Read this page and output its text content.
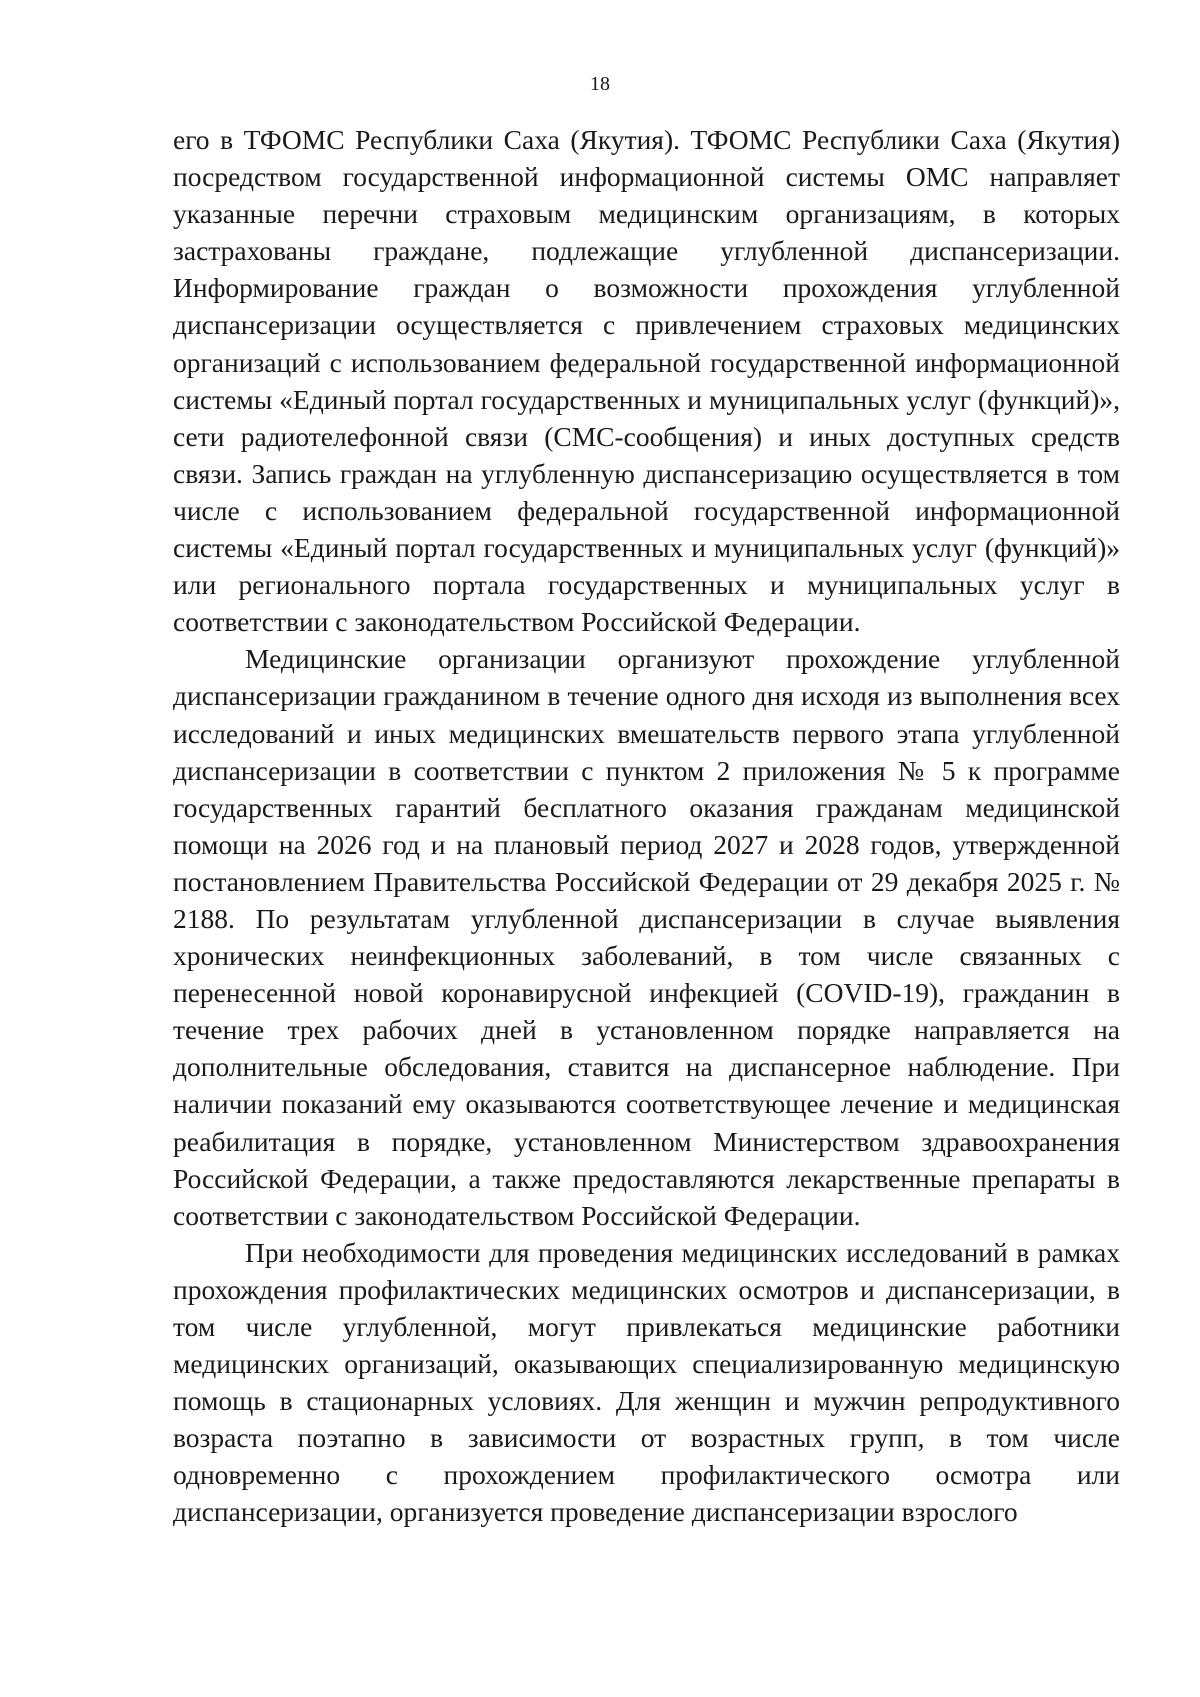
18

его в ТФОМС Республики Саха (Якутия). ТФОМС Республики Саха (Якутия) посредством государственной информационной системы ОМС направляет указанные перечни страховым медицинским организациям, в которых застрахованы граждане, подлежащие углубленной диспансеризации. Информирование граждан о возможности прохождения углубленной диспансеризации осуществляется с привлечением страховых медицинских организаций с использованием федеральной государственной информационной системы «Единый портал государственных и муниципальных услуг (функций)», сети радиотелефонной связи (СМС-сообщения) и иных доступных средств связи. Запись граждан на углубленную диспансеризацию осуществляется в том числе с использованием федеральной государственной информационной системы «Единый портал государственных и муниципальных услуг (функций)» или регионального портала государственных и муниципальных услуг в соответствии с законодательством Российской Федерации.

Медицинские организации организуют прохождение углубленной диспансеризации гражданином в течение одного дня исходя из выполнения всех исследований и иных медицинских вмешательств первого этапа углубленной диспансеризации в соответствии с пунктом 2 приложения № 5 к программе государственных гарантий бесплатного оказания гражданам медицинской помощи на 2026 год и на плановый период 2027 и 2028 годов, утвержденной постановлением Правительства Российской Федерации от 29 декабря 2025 г. № 2188. По результатам углубленной диспансеризации в случае выявления хронических неинфекционных заболеваний, в том числе связанных с перенесенной новой коронавирусной инфекцией (COVID-19), гражданин в течение трех рабочих дней в установленном порядке направляется на дополнительные обследования, ставится на диспансерное наблюдение. При наличии показаний ему оказываются соответствующее лечение и медицинская реабилитация в порядке, установленном Министерством здравоохранения Российской Федерации, а также предоставляются лекарственные препараты в соответствии с законодательством Российской Федерации.

При необходимости для проведения медицинских исследований в рамках прохождения профилактических медицинских осмотров и диспансеризации, в том числе углубленной, могут привлекаться медицинские работники медицинских организаций, оказывающих специализированную медицинскую помощь в стационарных условиях. Для женщин и мужчин репродуктивного возраста поэтапно в зависимости от возрастных групп, в том числе одновременно с прохождением профилактического осмотра или диспансеризации, организуется проведение диспансеризации взрослого
